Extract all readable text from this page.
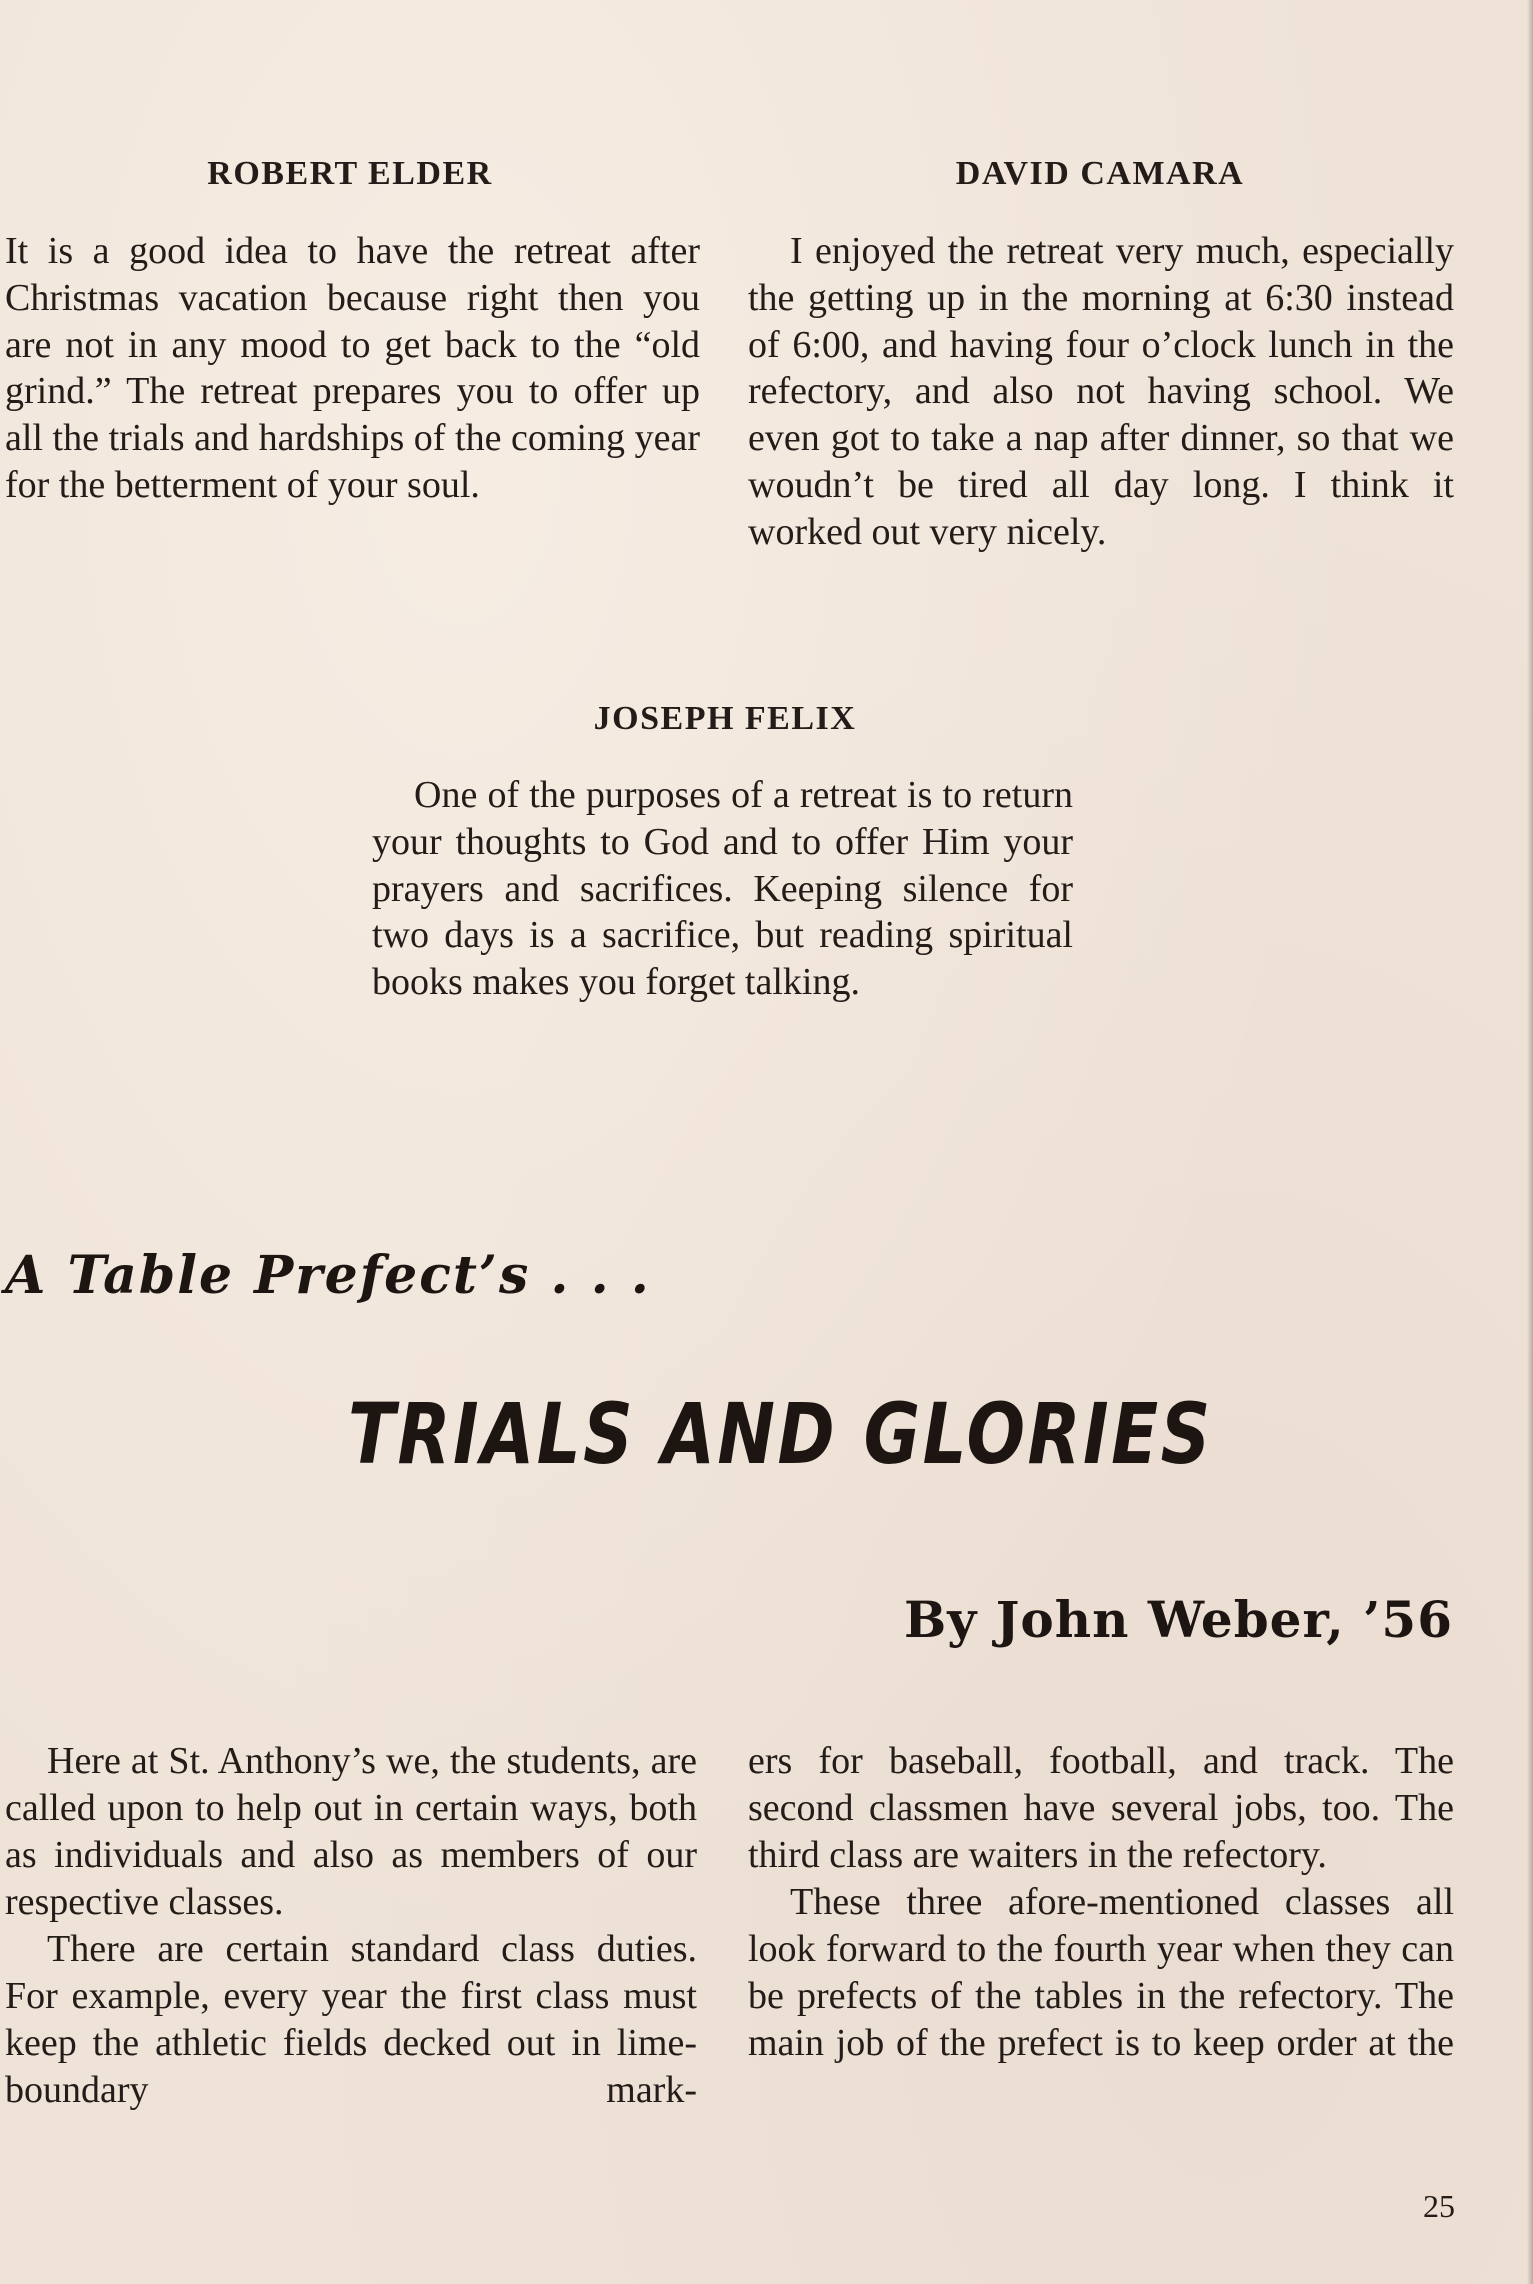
ROBERT ELDER

It is a good idea to have the retreat after Christmas vacation because right then you are not in any mood to get back to the “old grind.” The retreat prepares you to offer up all the trials and hardships of the coming year for the betterment of your soul.

DAVID CAMARA

I enjoyed the retreat very much, especially the getting up in the morning at 6:30 instead of 6:00, and having four o’clock lunch in the refectory, and also not having school. We even got to take a nap after dinner, so that we woudn’t be tired all day long. I think it worked out very nicely.

JOSEPH FELIX

One of the purposes of a retreat is to return your thoughts to God and to offer Him your prayers and sacrifices. Keeping silence for two days is a sacrifice, but reading spiritual books makes you forget talking.

A Table Prefect’s . . .
TRIALS AND GLORIES
By John Weber, ’56

Here at St. Anthony’s we, the students, are called upon to help out in certain ways, both as individuals and also as members of our respective classes.

There are certain standard class duties. For example, every year the first class must keep the athletic fields decked out in lime-boundary mark-

ers for baseball, football, and track. The second classmen have several jobs, too. The third class are waiters in the refectory.

These three afore-mentioned classes all look forward to the fourth year when they can be prefects of the tables in the refectory. The main job of the prefect is to keep order at the

25
